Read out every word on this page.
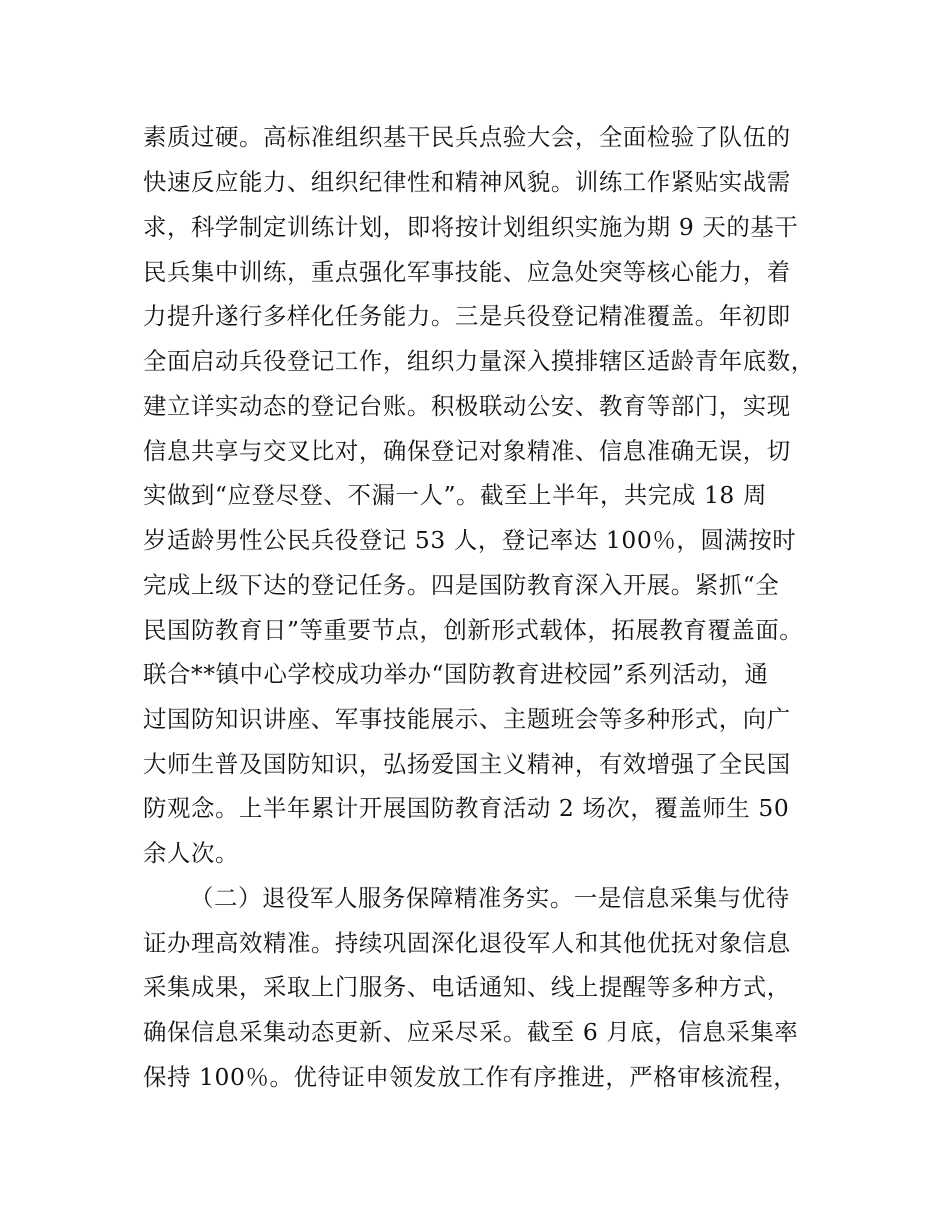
素质过硬。高标准组织基干民兵点验大会，全面检验了队伍的
快速反应能力、组织纪律性和精神风貌。训练工作紧贴实战需
求，科学制定训练计划，即将按计划组织实施为期 9 天的基干
民兵集中训练，重点强化军事技能、应急处突等核心能力，着
力提升遂行多样化任务能力。三是兵役登记精准覆盖。年初即
全面启动兵役登记工作，组织力量深入摸排辖区适龄青年底数，
建立详实动态的登记台账。积极联动公安、教育等部门，实现
信息共享与交叉比对，确保登记对象精准、信息准确无误，切
实做到“应登尽登、不漏一人”。截至上半年，共完成 18 周
岁适龄男性公民兵役登记 53 人，登记率达 100％，圆满按时
完成上级下达的登记任务。四是国防教育深入开展。紧抓“全
民国防教育日”等重要节点，创新形式载体，拓展教育覆盖面。
联合**镇中心学校成功举办“国防教育进校园”系列活动，通
过国防知识讲座、军事技能展示、主题班会等多种形式，向广
大师生普及国防知识，弘扬爱国主义精神，有效增强了全民国
防观念。上半年累计开展国防教育活动 2 场次，覆盖师生 50
余人次。
（二）退役军人服务保障精准务实。一是信息采集与优待
证办理高效精准。持续巩固深化退役军人和其他优抚对象信息
采集成果，采取上门服务、电话通知、线上提醒等多种方式，
确保信息采集动态更新、应采尽采。截至 6 月底，信息采集率
保持 100％。优待证申领发放工作有序推进，严格审核流程，
